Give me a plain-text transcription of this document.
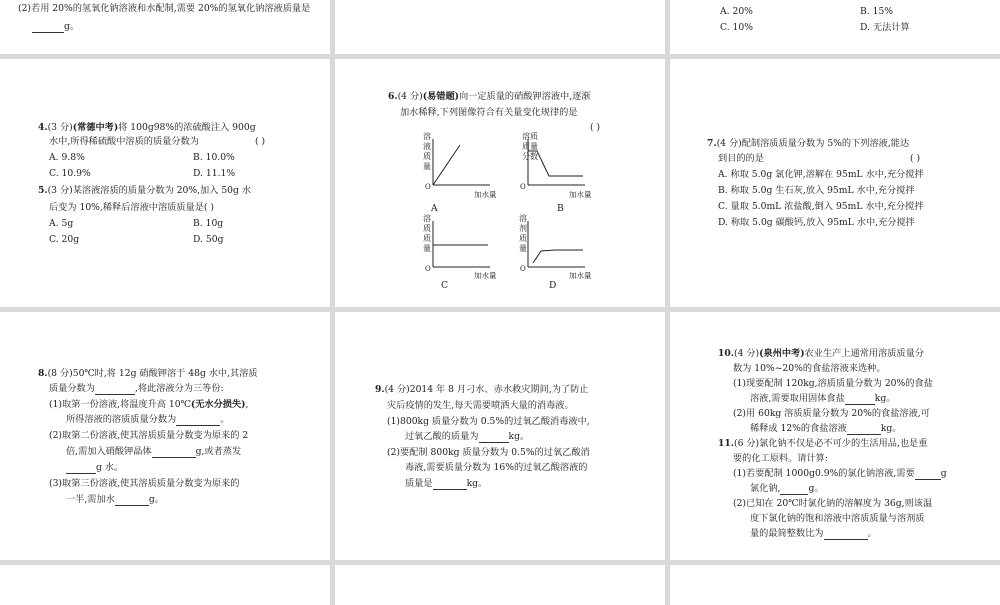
(2)若用 20%的氢氧化钠溶液和水配制,需要 20%的氢氧化钠溶液质量是
g。
A. 20%	B. 15%
C. 10%	D. 无法计算
4.(3 分)(常德中考)将 100g98%的浓硫酸注入 900g
水中,所得稀硫酸中溶质的质量分数为	( )
A. 9.8%	B. 10.0%
C. 10.9%	D. 11.1%
5.(3 分)某溶液溶质的质量分数为 20%,加入 50g 水
后变为 10%,稀释后溶液中溶质质量是( )
A. 5g	B. 10g
C. 20g	D. 50g
6.(4 分)(易错题)向一定质量的硝酸钾溶液中,逐渐
加水稀释,下列图像符合有关量变化规律的是
( )
溶
液
质
量
O
加水量
A
溶质
质量
分数
O
加水量
B
溶
质
质
量
O
加水量
C
溶
剂
质
量
O
加水量
D
7.(4 分)配制溶质质量分数为 5%的下列溶液,能达
到目的的是	( )
A. 称取 5.0g 氯化钾,溶解在 95mL 水中,充分搅拌
B. 称取 5.0g 生石灰,放入 95mL 水中,充分搅拌
C. 量取 5.0mL 浓盐酸,倒入 95mL 水中,充分搅拌
D. 称取 5.0g 碳酸钙,放入 95mL 水中,充分搅拌
8.(8 分)50℃时,将 12g 硝酸钾溶于 48g 水中,其溶质
质量分数为	,将此溶液分为三等份:
(1)取第一份溶液,将温度升高 10℃(无水分损失),
所得溶液的溶质质量分数为	。
(2)取第二份溶液,使其溶质质量分数变为原来的 2
倍,需加入硝酸钾晶体	g,或者蒸发
g 水。
(3)取第三份溶液,使其溶质质量分数变为原来的
一半,需加水	g。
9.(4 分)2014 年 8 月刁水、赤水救灾期间,为了防止
灾后疫情的发生,每天需要喷洒大量的消毒液。
(1)800kg 质量分数为 0.5%的过氧乙酸消毒液中,
过氧乙酸的质量为	kg。
(2)要配制 800kg 质量分数为 0.5%的过氧乙酸消
毒液,需要质量分数为 16%的过氧乙酸溶液的
质量是	kg。
10.(4 分)(泉州中考)农业生产上通常用溶质质量分
数为 10%~20%的食盐溶液来选种。
(1)现要配制 120kg,溶质质量分数为 20%的食盐
溶液,需要取用固体食盐	kg。
(2)用 60kg 溶质质量分数为 20%的食盐溶液,可
稀释成 12%的食盐溶液	kg。
11.(6 分)氯化钠不仅是必不可少的生活用品,也是重
要的化工原料。请计算:
(1)若要配制 1000g0.9%的氯化钠溶液,需要	g
氯化钠,	g。
(2)已知在 20℃时氯化钠的溶解度为 36g,则该温
度下氯化钠的饱和溶液中溶质质量与溶剂质
量的最简整数比为	。
